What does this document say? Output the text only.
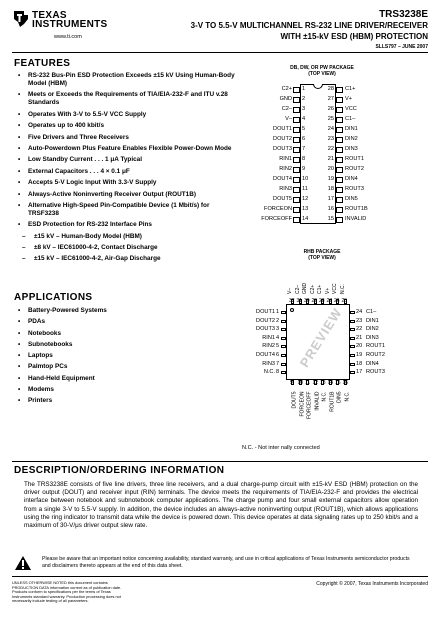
TEXAS
INSTRUMENTS
www.ti.com
TRS3238E
3-V TO 5.5-V MULTICHANNEL RS-232 LINE DRIVER/RECEIVER
WITH ±15-kV ESD (HBM) PROTECTION
SLLS797 – JUNE 2007
FEATURES
• RS-232 Bus-Pin ESD Protection Exceeds ±15 kV Using Human-Body Model (HBM)
• Meets or Exceeds the Requirements of TIA/EIA-232-F and ITU v.28 Standards
• Operates With 3-V to 5.5-V VCC Supply
• Operates up to 400 kbit/s
• Five Drivers and Three Receivers
• Auto-Powerdown Plus Feature Enables Flexible Power-Down Mode
• Low Standby Current . . . 1 μA Typical
• External Capacitors . . . 4 × 0.1 μF
• Accepts 5-V Logic Input With 3.3-V Supply
• Always-Active Noninverting Receiver Output (ROUT1B)
• Alternative High-Speed Pin-Compatible Device (1 Mbit/s) for TRSF3238
• ESD Protection for RS-232 Interface Pins
– ±15 kV – Human-Body Model (HBM)
– ±8 kV – IEC61000-4-2, Contact Discharge
– ±15 kV – IEC61000-4-2, Air-Gap Discharge
APPLICATIONS
• Battery-Powered Systems
• PDAs
• Notebooks
• Subnotebooks
• Laptops
• Palmtop PCs
• Hand-Held Equipment
• Modems
• Printers
DB, DW, OR PW PACKAGE
(TOP VIEW)
C2+ 1
GND 2
C2– 3
V– 4
DOUT1 5
DOUT2 6
DOUT3 7
RIN1 8
RIN2 9
DOUT4 10
RIN3 11
DOUT5 12
FORCEON 13
FORCEOFF 14
28 C1+
27 V+
26 VCC
25 C1–
24 DIN1
23 DIN2
22 DIN3
21 ROUT1
20 ROUT2
19 DIN4
18 ROUT3
17 DIN5
16 ROUT1B
15 INVALID
RHB PACKAGE
(TOP VIEW)
PREVIEW
DOUT1 1
DOUT2 2
DOUT3 3
RIN1 4
RIN2 5
DOUT4 6
RIN3 7
N.C. 8
24 C1–
23 DIN1
22 DIN2
21 DIN3
20 ROUT1
19 ROUT2
18 DIN4
17 ROUT3
32
V–
31
C2–
30
GND
29
C2+
28
C1+
27
V+
26
VCC
25
N.C.
9
DOUT5
10
FORCEON
11
FORCEOFF
12
INVALID
13
N.C.
14
ROUT1B
15
DIN5
16
N.C.
N.C. - Not inter nally connected
DESCRIPTION/ORDERING INFORMATION
The TRS3238E consists of five line drivers, three line receivers, and a dual charge-pump circuit with ±15-kV ESD (HBM) protection on the driver output (DOUT) and receiver input (RIN) terminals. The device meets the requirements of TIA/EIA-232-F and provides the electrical interface between notebook and subnotebook computer applications. The charge pump and four small external capacitors allow operation from a single 3-V to 5.5-V supply. In addition, the device includes an always-active noninverting output (ROUT1B), which allows applications using the ring indicator to transmit data while the device is powered down. This device operates at data signaling rates up to 250 kbit/s and a maximum of 30-V/μs driver output slew rate.
Please be aware that an important notice concerning availability, standard warranty, and use in critical applications of Texas Instruments semiconductor products and disclaimers thereto appears at the end of this data sheet.
UNLESS OTHERWISE NOTED this document contains PRODUCTION DATA information current as of publication date. Products conform to specifications per the terms of Texas Instruments standard warranty. Production processing does not necessarily include testing of all parameters.
Copyright © 2007, Texas Instruments Incorporated
